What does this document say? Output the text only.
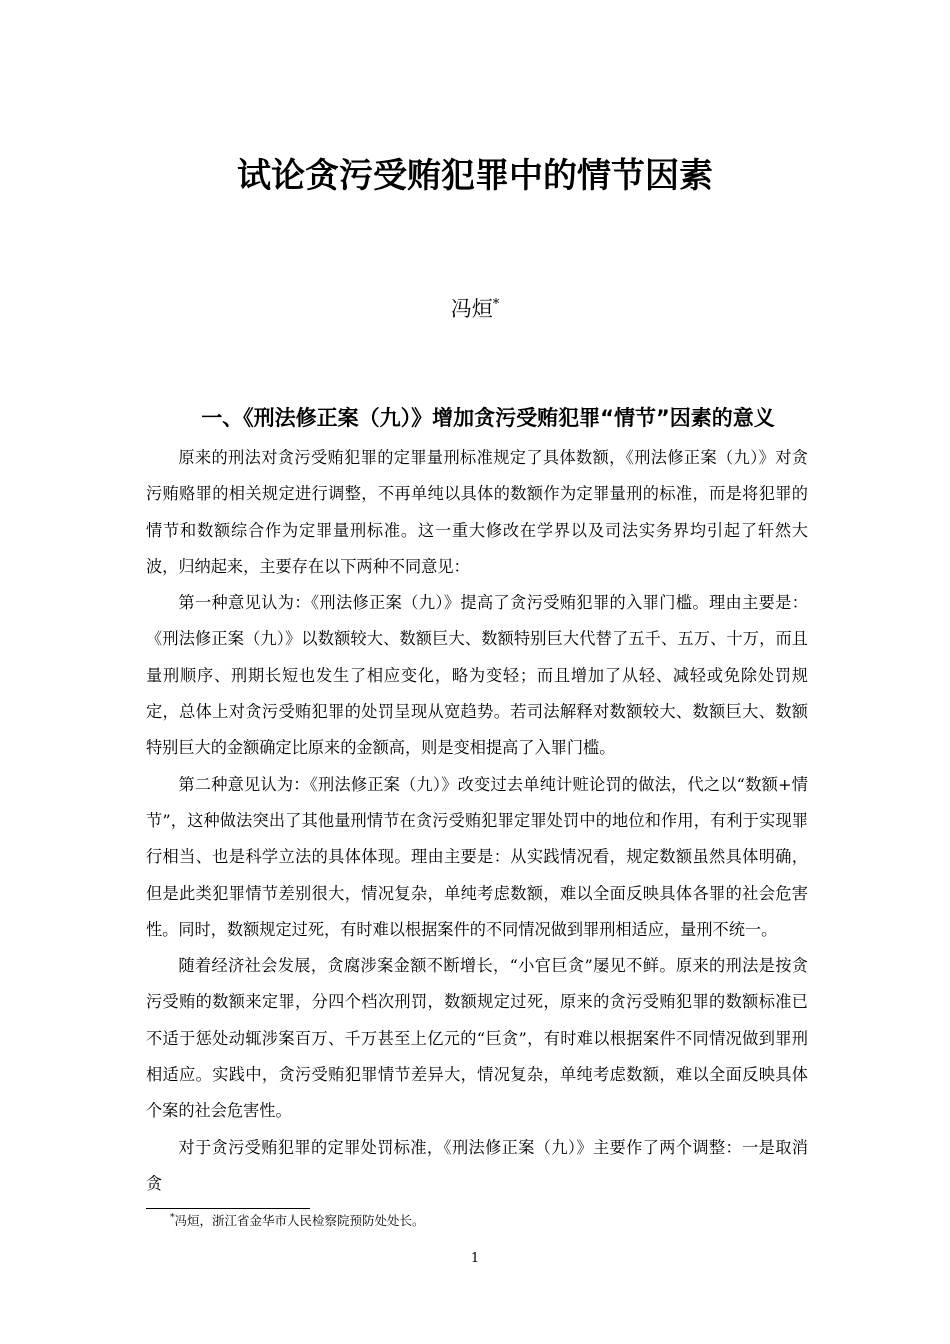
试论贪污受贿犯罪中的情节因素

冯烜*

一、《刑法修正案（九）》增加贪污受贿犯罪“情节”因素的意义

原来的刑法对贪污受贿犯罪的定罪量刑标准规定了具体数额，《刑法修正案（九）》对贪污贿赂罪的相关规定进行调整，不再单纯以具体的数额作为定罪量刑的标准，而是将犯罪的情节和数额综合作为定罪量刑标准。这一重大修改在学界以及司法实务界均引起了轩然大波，归纳起来，主要存在以下两种不同意见：

第一种意见认为：《刑法修正案（九）》提高了贪污受贿犯罪的入罪门槛。理由主要是：《刑法修正案（九）》以数额较大、数额巨大、数额特别巨大代替了五千、五万、十万，而且量刑顺序、刑期长短也发生了相应变化，略为变轻；而且增加了从轻、减轻或免除处罚规定，总体上对贪污受贿犯罪的处罚呈现从宽趋势。若司法解释对数额较大、数额巨大、数额特别巨大的金额确定比原来的金额高，则是变相提高了入罪门槛。

第二种意见认为：《刑法修正案（九）》改变过去单纯计赃论罚的做法，代之以“数额+情节”，这种做法突出了其他量刑情节在贪污受贿犯罪定罪处罚中的地位和作用，有利于实现罪行相当、也是科学立法的具体体现。理由主要是：从实践情况看，规定数额虽然具体明确，但是此类犯罪情节差别很大，情况复杂，单纯考虑数额，难以全面反映具体各罪的社会危害性。同时，数额规定过死，有时难以根据案件的不同情况做到罪刑相适应，量刑不统一。

随着经济社会发展，贪腐涉案金额不断增长，“小官巨贪”屡见不鲜。原来的刑法是按贪污受贿的数额来定罪，分四个档次刑罚，数额规定过死，原来的贪污受贿犯罪的数额标准已不适于惩处动辄涉案百万、千万甚至上亿元的“巨贪”，有时难以根据案件不同情况做到罪刑相适应。实践中，贪污受贿犯罪情节差异大，情况复杂，单纯考虑数额，难以全面反映具体个案的社会危害性。

对于贪污受贿犯罪的定罪处罚标准，《刑法修正案（九）》主要作了两个调整：一是取消贪

*冯烜，浙江省金华市人民检察院预防处处长。

1
